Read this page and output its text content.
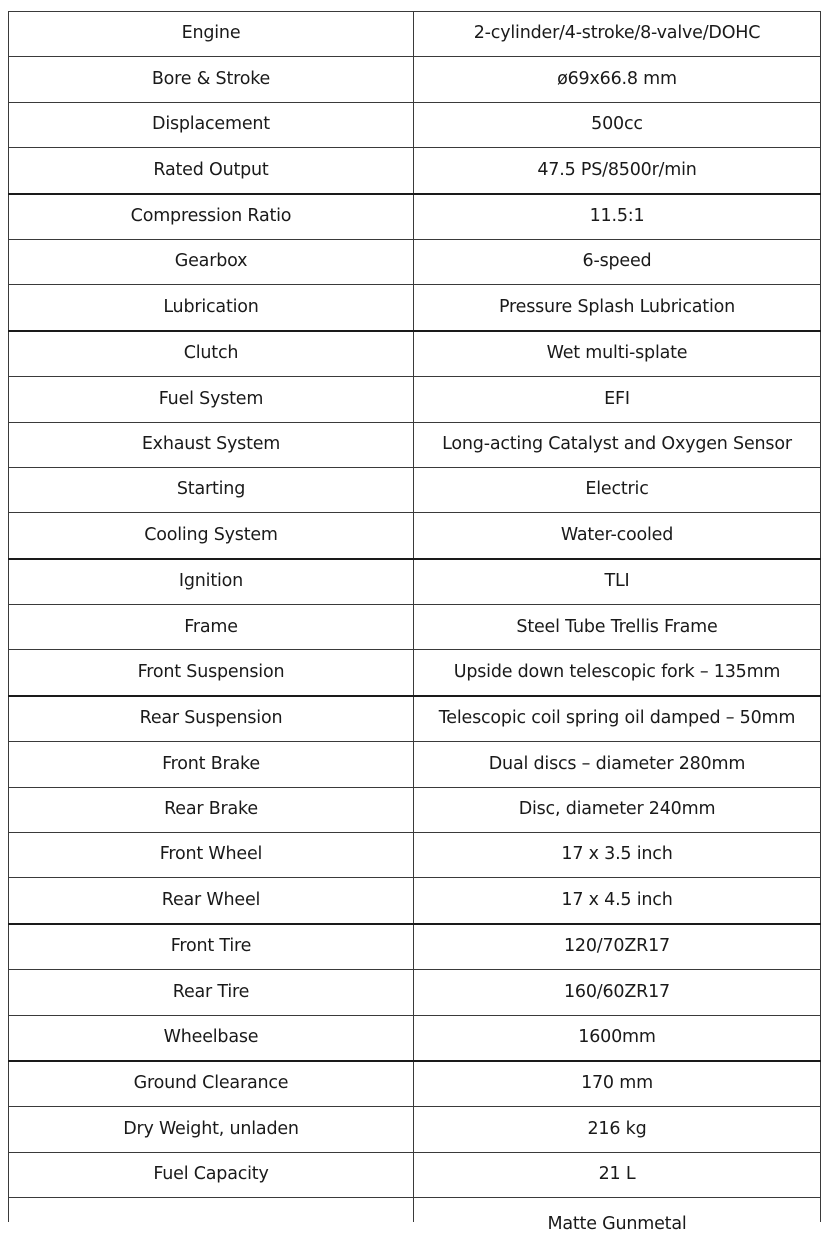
Engine	2-cylinder/4-stroke/8-valve/DOHC
Bore & Stroke	ø69x66.8 mm
Displacement	500cc
Rated Output	47.5 PS/8500r/min
Compression Ratio	11.5:1
Gearbox	6-speed
Lubrication	Pressure Splash Lubrication
Clutch	Wet multi-splate
Fuel System	EFI
Exhaust System	Long-acting Catalyst and Oxygen Sensor
Starting	Electric
Cooling System	Water-cooled
Ignition	TLI
Frame	Steel Tube Trellis Frame
Front Suspension	Upside down telescopic fork – 135mm
Rear Suspension	Telescopic coil spring oil damped – 50mm
Front Brake	Dual discs – diameter 280mm
Rear Brake	Disc, diameter 240mm
Front Wheel	17 x 3.5 inch
Rear Wheel	17 x 4.5 inch
Front Tire	120/70ZR17
Rear Tire	160/60ZR17
Wheelbase	1600mm
Ground Clearance	170 mm
Dry Weight, unladen	216 kg
Fuel Capacity	21 L
	Matte Gunmetal
